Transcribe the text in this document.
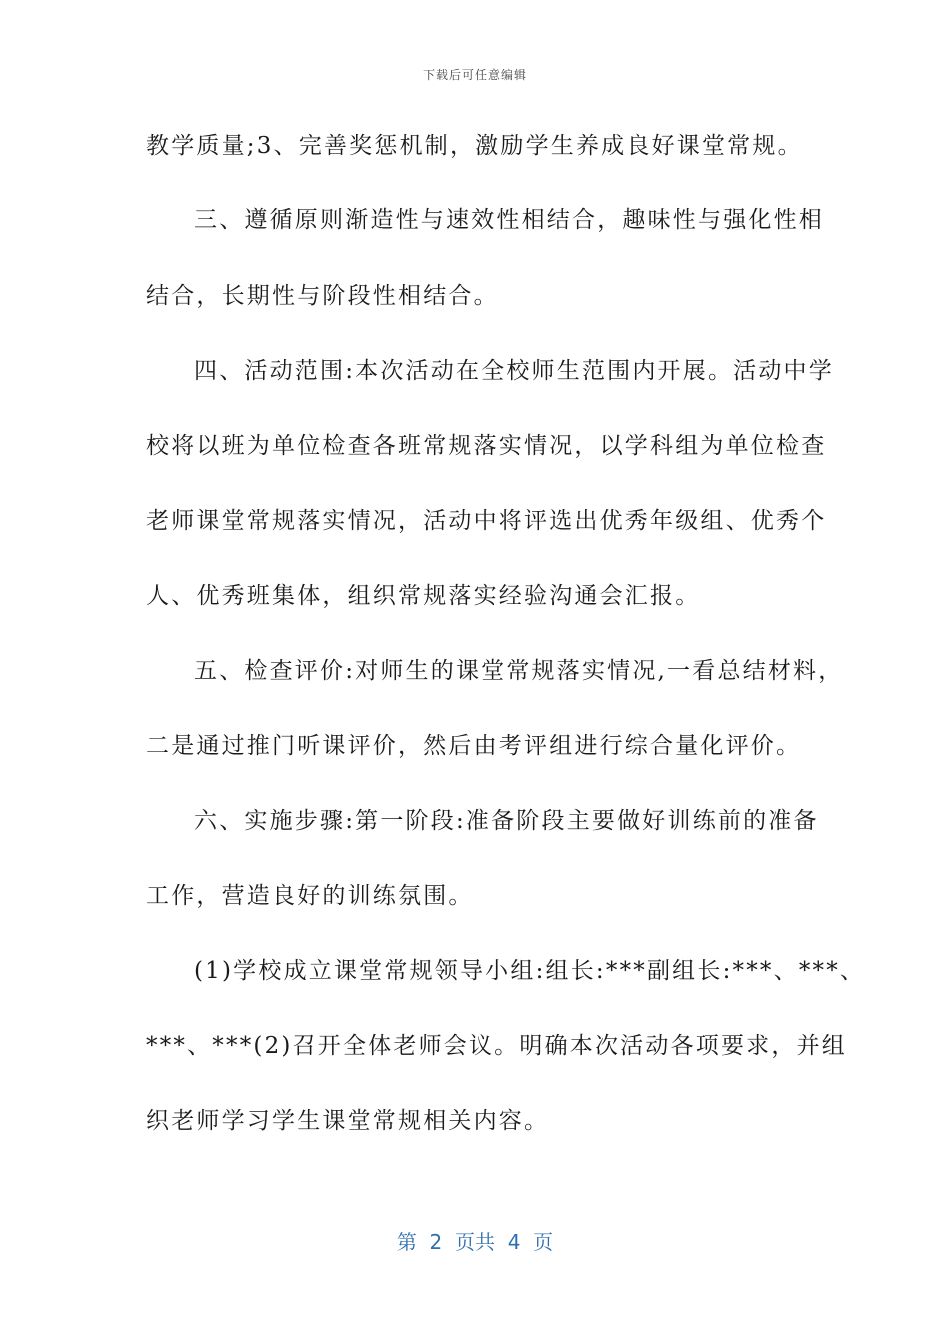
下载后可任意编辑
教学质量;3、完善奖惩机制，激励学生养成良好课堂常规。
三、遵循原则渐造性与速效性相结合，趣味性与强化性相
结合，长期性与阶段性相结合。
四、活动范围:本次活动在全校师生范围内开展。活动中学
校将以班为单位检查各班常规落实情况，以学科组为单位检查
老师课堂常规落实情况，活动中将评选出优秀年级组、优秀个
人、优秀班集体，组织常规落实经验沟通会汇报。
五、检查评价:对师生的课堂常规落实情况,一看总结材料，
二是通过推门听课评价，然后由考评组进行综合量化评价。
六、实施步骤:第一阶段:准备阶段主要做好训练前的准备
工作，营造良好的训练氛围。
(1)学校成立课堂常规领导小组:组长:***副组长:***、***、
***、***(2)召开全体老师会议。明确本次活动各项要求，并组
织老师学习学生课堂常规相关内容。
第  2  页共  4  页
